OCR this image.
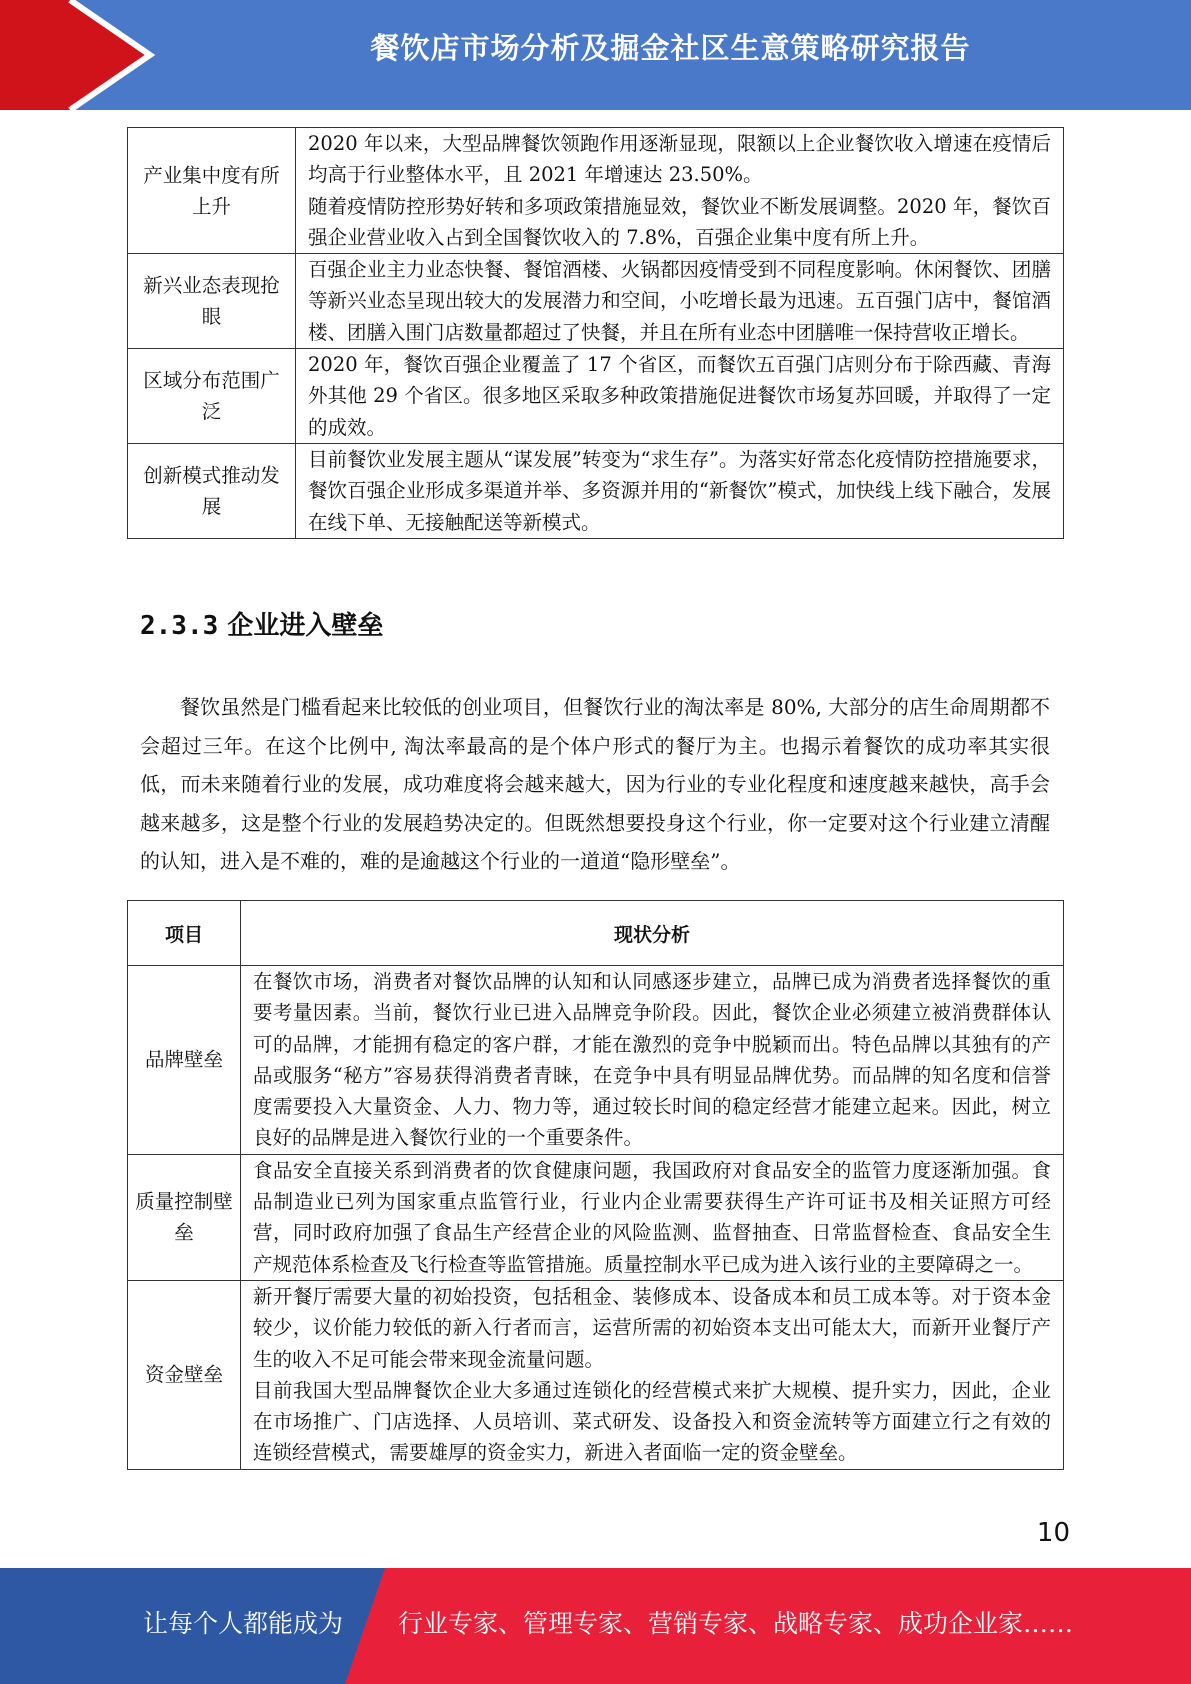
餐饮店市场分析及掘金社区生意策略研究报告
产业集中度有所上升	2020 年以来，大型品牌餐饮领跑作用逐渐显现，限额以上企业餐饮收入增速在疫情后均高于行业整体水平，且 2021 年增速达 23.50%。

随着疫情防控形势好转和多项政策措施显效，餐饮业不断发展调整。2020 年，餐饮百强企业营业收入占到全国餐饮收入的 7.8%，百强企业集中度有所上升。

新兴业态表现抢眼	百强企业主力业态快餐、餐馆酒楼、火锅都因疫情受到不同程度影响。休闲餐饮、团膳等新兴业态呈现出较大的发展潜力和空间，小吃增长最为迅速。五百强门店中，餐馆酒楼、团膳入围门店数量都超过了快餐，并且在所有业态中团膳唯一保持营收正增长。

区域分布范围广泛	2020 年，餐饮百强企业覆盖了 17 个省区，而餐饮五百强门店则分布于除西藏、青海外其他 29 个省区。很多地区采取多种政策措施促进餐饮市场复苏回暖，并取得了一定的成效。

创新模式推动发展	目前餐饮业发展主题从“谋发展”转变为“求生存”。为落实好常态化疫情防控措施要求，餐饮百强企业形成多渠道并举、多资源并用的“新餐饮”模式，加快线上线下融合，发展在线下单、无接触配送等新模式。

2.3.3 企业进入壁垒

餐饮虽然是门槛看起来比较低的创业项目，但餐饮行业的淘汰率是 80%, 大部分的店生命周期都不会超过三年。在这个比例中, 淘汰率最高的是个体户形式的餐厅为主。也揭示着餐饮的成功率其实很低，而未来随着行业的发展，成功难度将会越来越大，因为行业的专业化程度和速度越来越快，高手会越来越多，这是整个行业的发展趋势决定的。但既然想要投身这个行业，你一定要对这个行业建立清醒的认知，进入是不难的，难的是逾越这个行业的一道道“隐形壁垒”。

项目	现状分析
品牌壁垒	在餐饮市场，消费者对餐饮品牌的认知和认同感逐步建立，品牌已成为消费者选择餐饮的重要考量因素。当前，餐饮行业已进入品牌竞争阶段。因此，餐饮企业必须建立被消费群体认可的品牌，才能拥有稳定的客户群，才能在激烈的竞争中脱颖而出。特色品牌以其独有的产品或服务“秘方”容易获得消费者青睐，在竞争中具有明显品牌优势。而品牌的知名度和信誉度需要投入大量资金、人力、物力等，通过较长时间的稳定经营才能建立起来。因此，树立良好的品牌是进入餐饮行业的一个重要条件。

质量控制壁垒	食品安全直接关系到消费者的饮食健康问题，我国政府对食品安全的监管力度逐渐加强。食品制造业已列为国家重点监管行业，行业内企业需要获得生产许可证书及相关证照方可经营，同时政府加强了食品生产经营企业的风险监测、监督抽查、日常监督检查、食品安全生产规范体系检查及飞行检查等监管措施。质量控制水平已成为进入该行业的主要障碍之一。

资金壁垒	新开餐厅需要大量的初始投资，包括租金、装修成本、设备成本和员工成本等。对于资本金较少，议价能力较低的新入行者而言，运营所需的初始资本支出可能太大，而新开业餐厅产生的收入不足可能会带来现金流量问题。

目前我国大型品牌餐饮企业大多通过连锁化的经营模式来扩大规模、提升实力，因此，企业在市场推广、门店选择、人员培训、菜式研发、设备投入和资金流转等方面建立行之有效的连锁经营模式，需要雄厚的资金实力，新进入者面临一定的资金壁垒。

10
让每个人都能成为 行业专家、管理专家、营销专家、战略专家、成功企业家……
